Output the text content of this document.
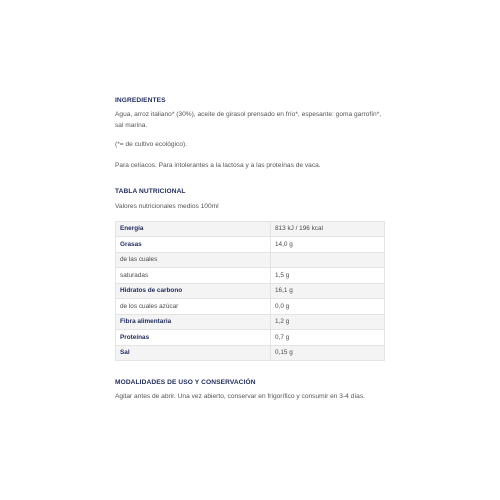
INGREDIENTES

Agua, arroz italiano* (30%), aceite de girasol prensado en frío*, espesante: goma garrofín*, sal marina.

(*= de cultivo ecológico).

Para celíacos. Para intolerantes a la lactosa y a las proteínas de vaca.

TABLA NUTRICIONAL

Valores nutricionales medios 100ml

Energía	813 kJ / 196 kcal
Grasas	14,0 g
de las cuales	
saturadas	1,5 g
Hidratos de carbono	16,1 g
de los cuales azúcar	0,0 g
Fibra alimentaria	1,2 g
Proteínas	0,7 g
Sal	0,15 g
MODALIDADES DE USO Y CONSERVACIÓN

Agitar antes de abrir. Una vez abierto, conservar en frigorífico y consumir en 3-4 días.
